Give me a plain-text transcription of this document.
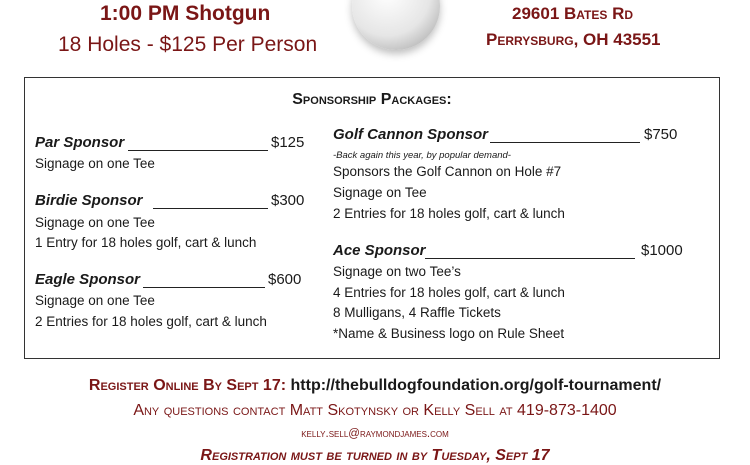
1:00 PM Shotgun
18 Holes - $125 Per Person
29601 Bates Rd
Perrysburg, OH 43551
Sponsorship Packages:
Par Sponsor	$125
Signage on one Tee
Birdie Sponsor	$300
Signage on one Tee
1 Entry for 18 holes golf, cart & lunch
Eagle Sponsor	$600
Signage on one Tee
2 Entries for 18 holes golf, cart & lunch
Golf Cannon Sponsor	$750
-Back again this year, by popular demand-
Sponsors the Golf Cannon on Hole #7
Signage on Tee
2 Entries for 18 holes golf, cart & lunch
Ace Sponsor	$1000
Signage on two Tee’s
4 Entries for 18 holes golf, cart & lunch
8 Mulligans, 4 Raffle Tickets
*Name & Business logo on Rule Sheet
Register Online By Sept 17: http://thebulldogfoundation.org/golf-tournament/
Any questions contact Matt Skotynsky or Kelly Sell at 419-873-1400
kelly.sell@raymondjames.com
Registration must be turned in by Tuesday, Sept 17
